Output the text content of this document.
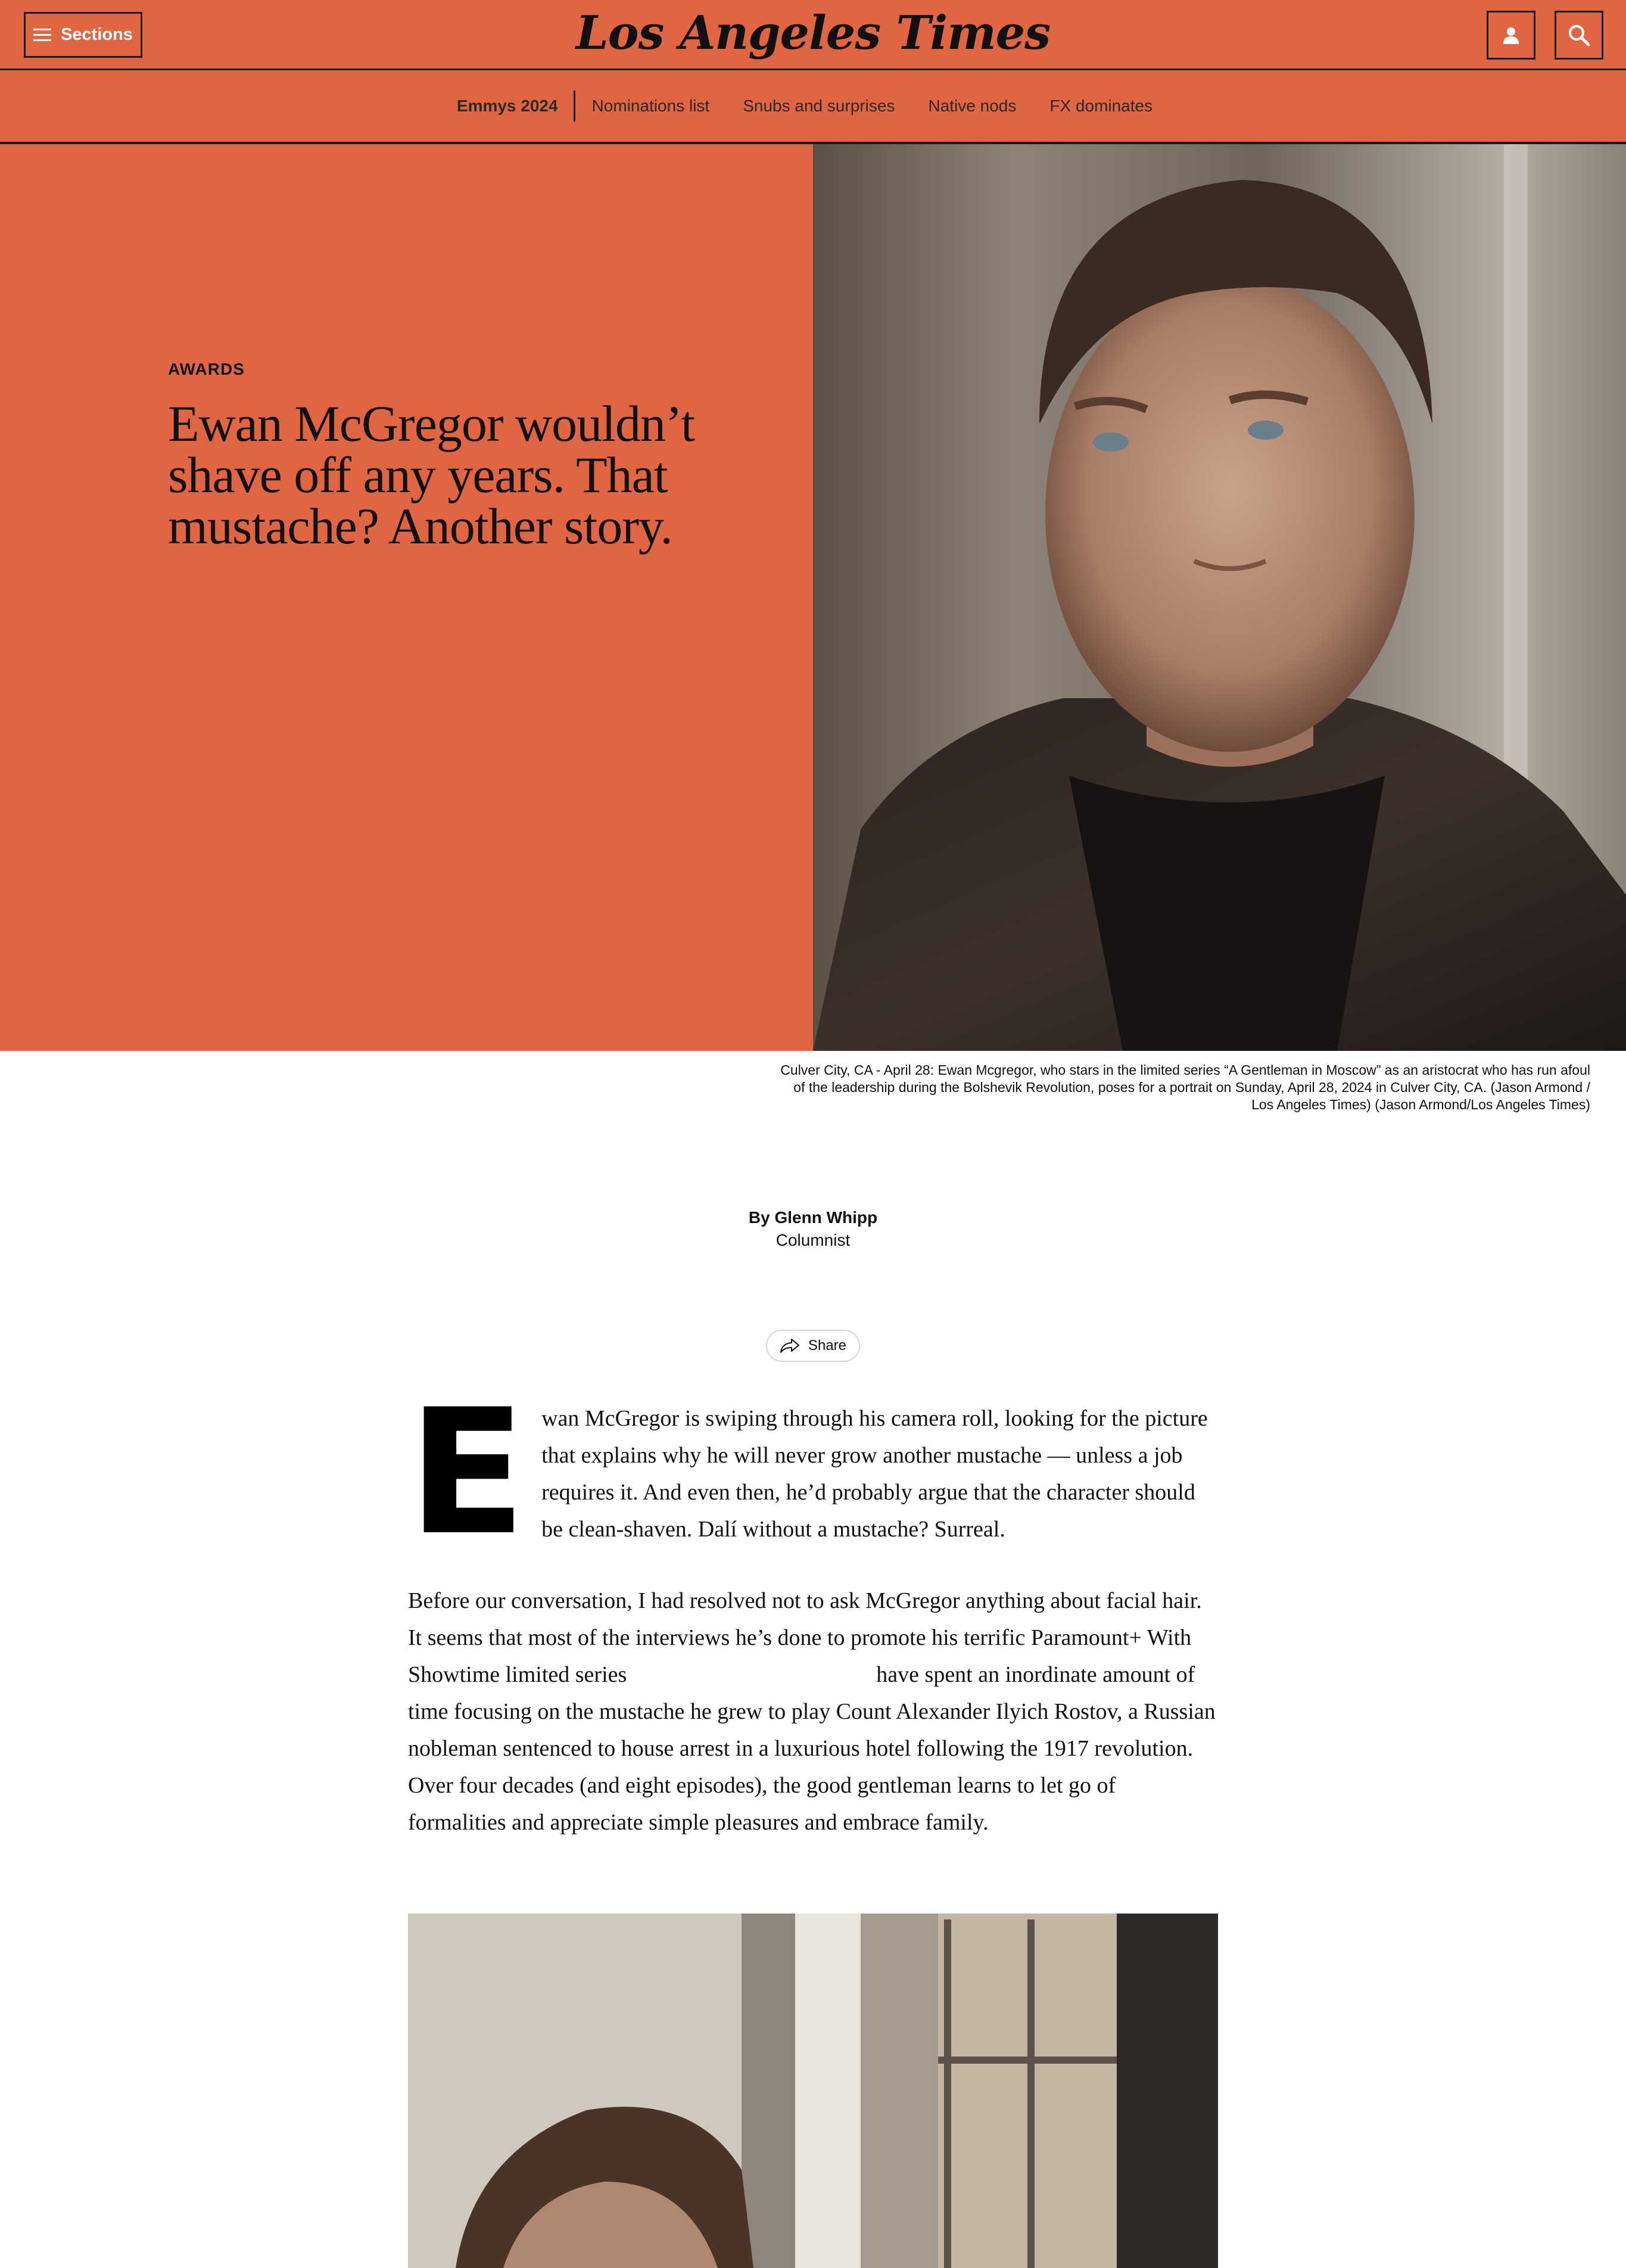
Sections	Los Angeles Times
Emmys 2024	Nominations list	Snubs and surprises	Native nods	FX dominates
AWARDS
Ewan McGregor wouldn’t shave off any years. That mustache? Another story.
Culver City, CA - April 28: Ewan Mcgregor, who stars in the limited series “A Gentleman in Moscow” as an aristocrat who has run afoul of the leadership during the Bolshevik Revolution, poses for a portrait on Sunday, April 28, 2024 in Culver City, CA. (Jason Armond / Los Angeles Times) (Jason Armond/Los Angeles Times)
By Glenn Whipp
Columnist
Share
E wan McGregor is swiping through his camera roll, looking for the picture that explains why he will never grow another mustache — unless a job requires it. And even then, he’d probably argue that the character should be clean-shaven. Dalí without a mustache? Surreal.

Before our conversation, I had resolved not to ask McGregor anything about facial hair. It seems that most of the interviews he’s done to promote his terrific Paramount+ With Showtime limited series	have spent an inordinate amount of time focusing on the mustache he grew to play Count Alexander Ilyich Rostov, a Russian nobleman sentenced to house arrest in a luxurious hotel following the 1917 revolution. Over four decades (and eight episodes), the good gentleman learns to let go of formalities and appreciate simple pleasures and embrace family.
